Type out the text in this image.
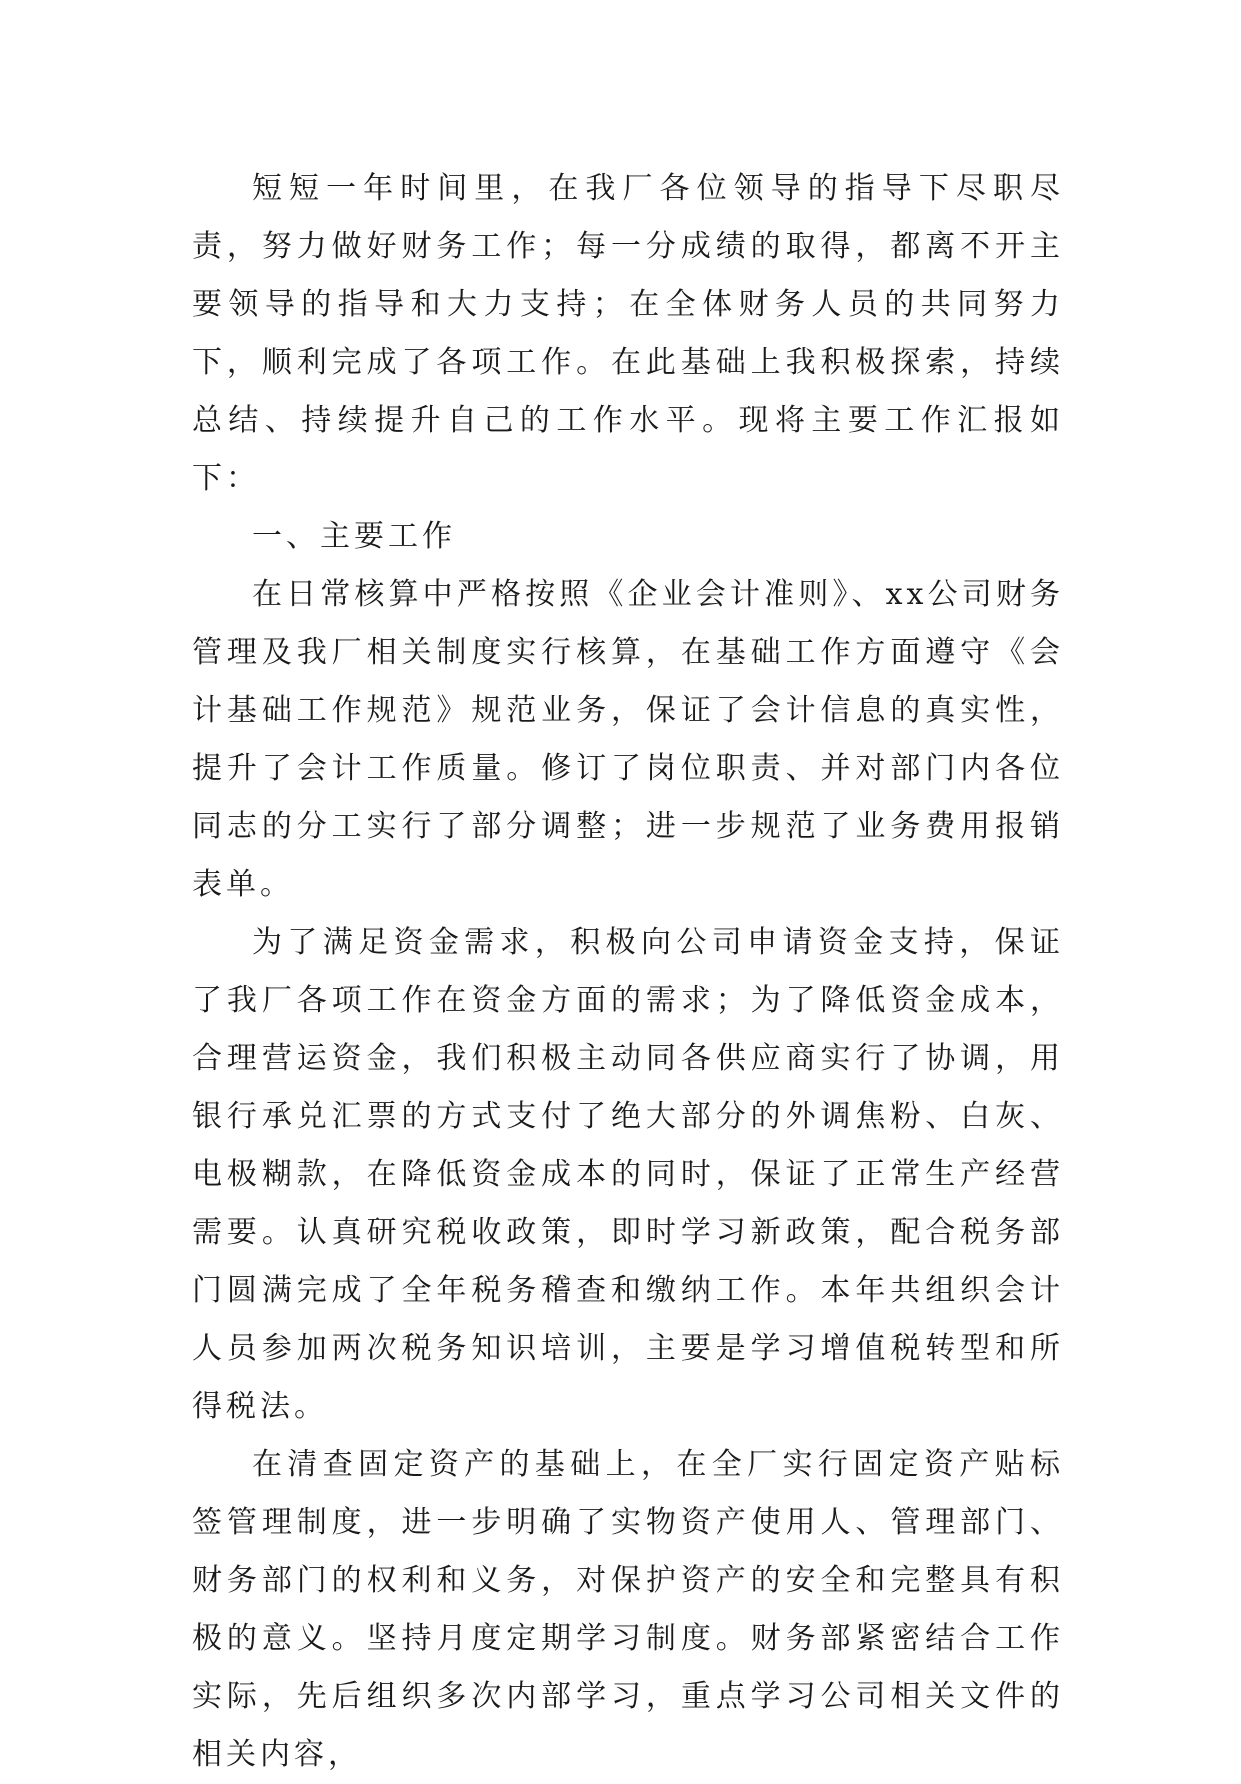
短短一年时间里，在我厂各位领导的指导下尽职尽责，努力做好财务工作；每一分成绩的取得，都离不开主要领导的指导和大力支持；在全体财务人员的共同努力下，顺利完成了各项工作。在此基础上我积极探索，持续总结、持续提升自己的工作水平。现将主要工作汇报如下：

一、主要工作

在日常核算中严格按照《企业会计准则》、xx公司财务管理及我厂相关制度实行核算，在基础工作方面遵守《会计基础工作规范》规范业务，保证了会计信息的真实性，提升了会计工作质量。修订了岗位职责、并对部门内各位同志的分工实行了部分调整；进一步规范了业务费用报销表单。

为了满足资金需求，积极向公司申请资金支持，保证了我厂各项工作在资金方面的需求；为了降低资金成本，合理营运资金，我们积极主动同各供应商实行了协调，用银行承兑汇票的方式支付了绝大部分的外调焦粉、白灰、电极糊款，在降低资金成本的同时，保证了正常生产经营需要。认真研究税收政策，即时学习新政策，配合税务部门圆满完成了全年税务稽查和缴纳工作。本年共组织会计人员参加两次税务知识培训，主要是学习增值税转型和所得税法。

在清查固定资产的基础上，在全厂实行固定资产贴标签管理制度，进一步明确了实物资产使用人、管理部门、财务部门的权利和义务，对保护资产的安全和完整具有积极的意义。坚持月度定期学习制度。财务部紧密结合工作实际，先后组织多次内部学习，重点学习公司相关文件的相关内容，
